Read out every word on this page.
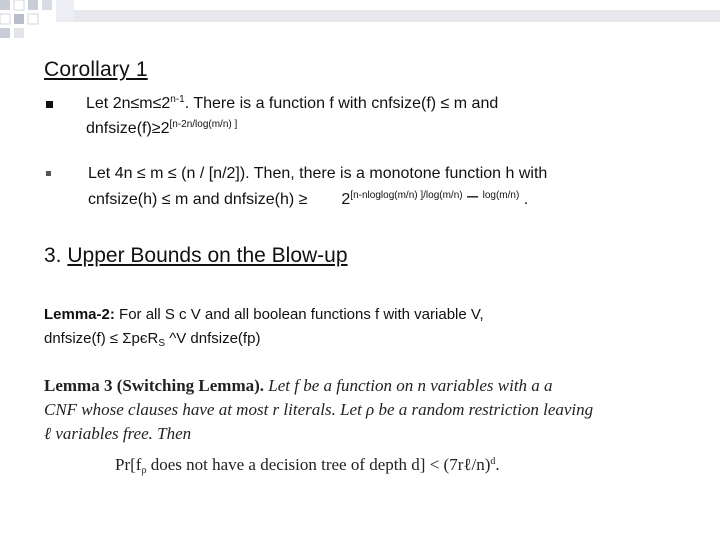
Corollary 1
Let $2n\le m\le 2^{n-1}$. There is a function f with cnfsize(f) ≤ m and
dnfsize(f)≥2[n-2n/log(m/n) ]
Let 4n ≤ m ≤ (n / [n/2]). Then, there is a monotone function h with
cnfsize(h) ≤ m and dnfsize(h) ≥ $2^{[n-nloglog(m/n) ]/log(m/n)} - ^{log(m/n)}$ .
3. Upper Bounds on the Blow-up
Lemma-2: For all S c V and all boolean functions f with variable V,
dnfsize(f) ≤ ΣpєR$_S$ ^V dnfsize(fp)
Lemma 3 (Switching Lemma). Let f be a function on n variables with a a
CNF whose clauses have at most r literals. Let ρ be a random restriction leaving
ℓ variables free. Then
$Pr[f_\rho$ does not have a decision tree of depth d] < (7rℓ/n)$^d$.
